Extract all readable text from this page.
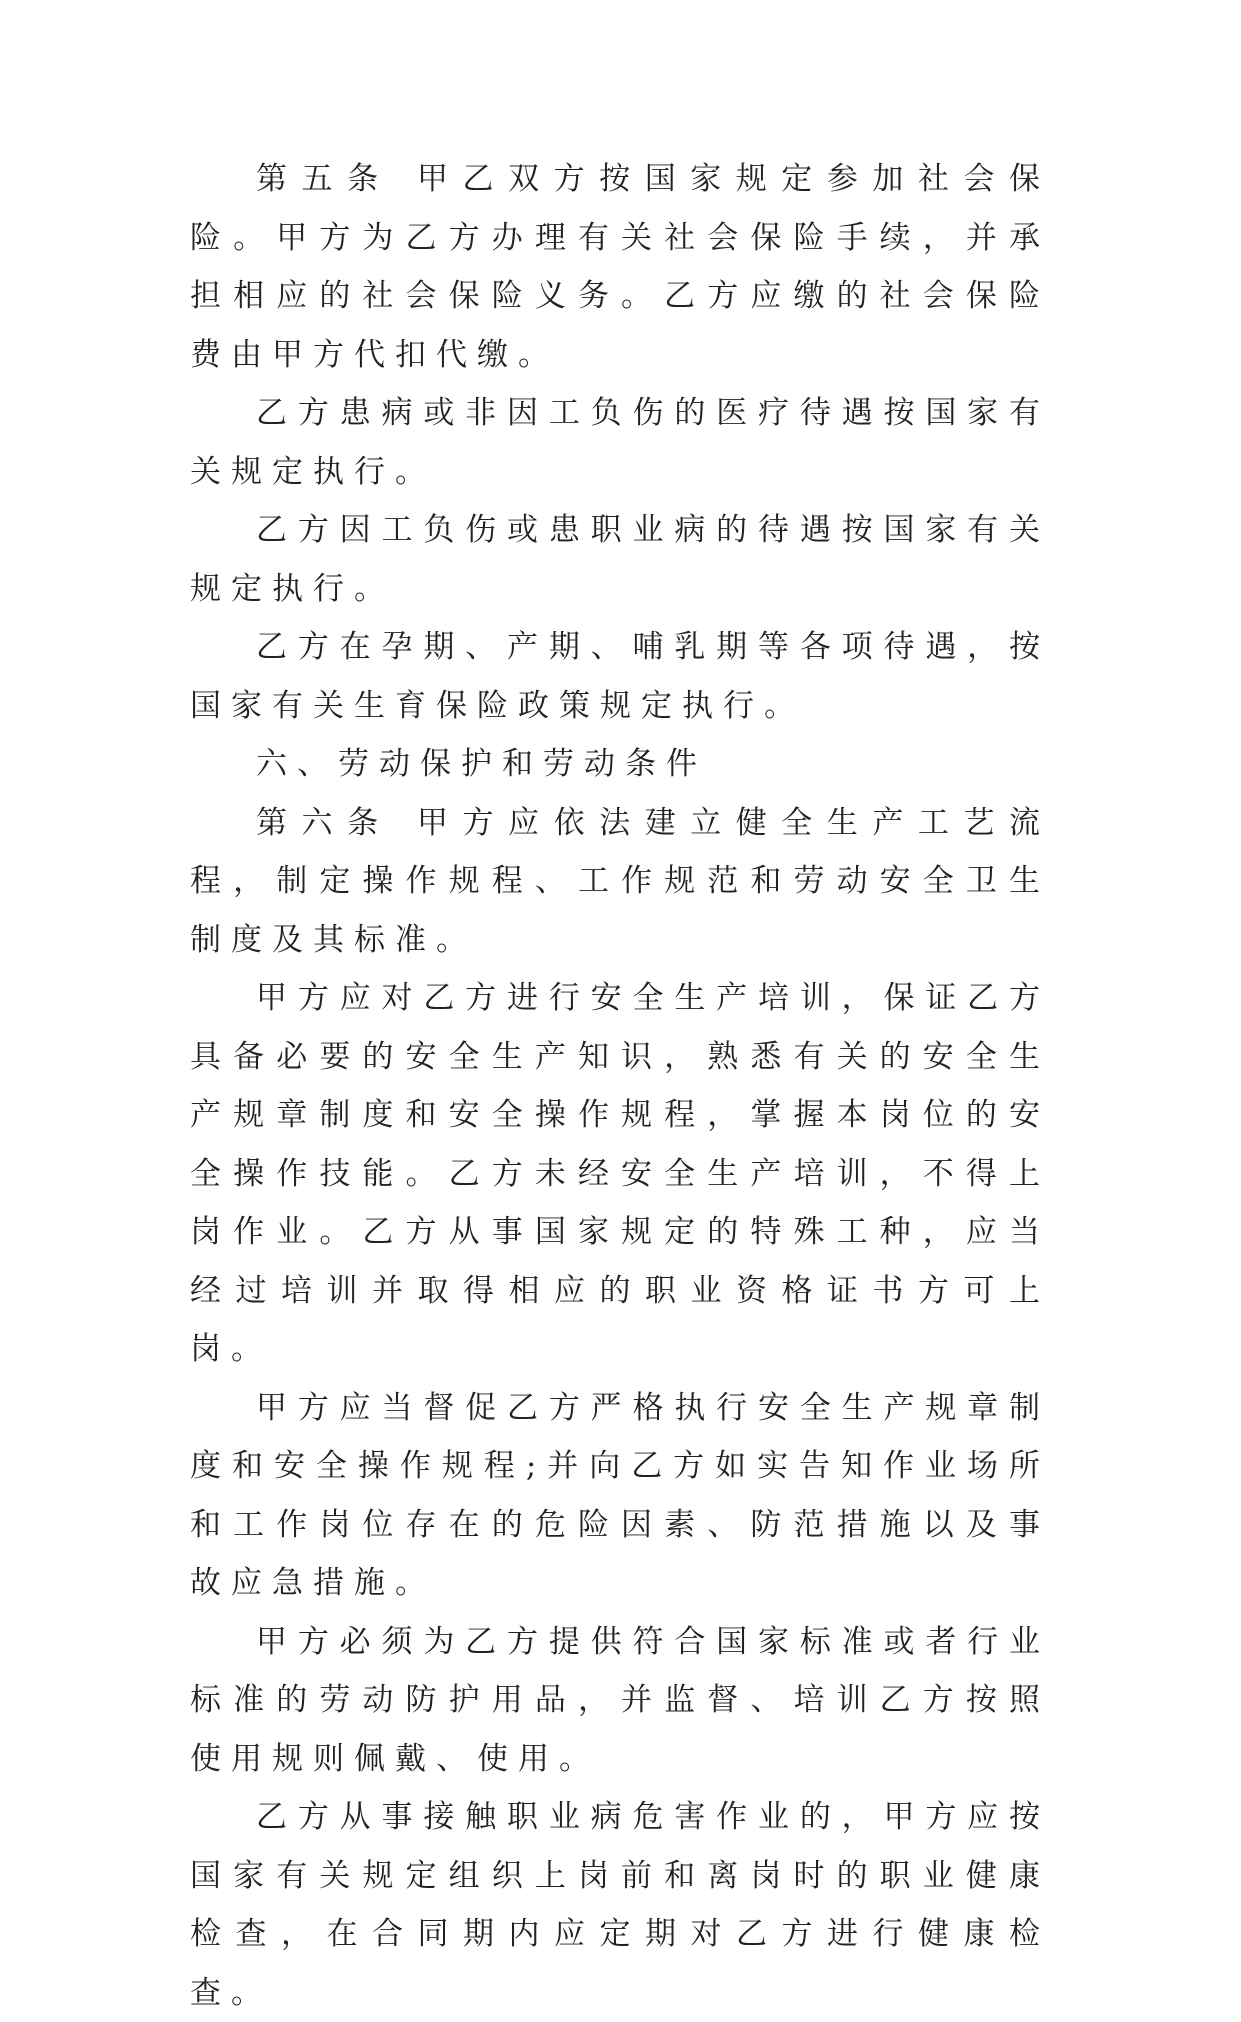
第五条 甲乙双方按国家规定参加社会保险。甲方为乙方办理有关社会保险手续，并承担相应的社会保险义务。乙方应缴的社会保险费由甲方代扣代缴。

乙方患病或非因工负伤的医疗待遇按国家有关规定执行。

乙方因工负伤或患职业病的待遇按国家有关规定执行。

乙方在孕期、产期、哺乳期等各项待遇，按国家有关生育保险政策规定执行。

六、劳动保护和劳动条件

第六条 甲方应依法建立健全生产工艺流程，制定操作规程、工作规范和劳动安全卫生制度及其标准。

甲方应对乙方进行安全生产培训，保证乙方具备必要的安全生产知识，熟悉有关的安全生产规章制度和安全操作规程，掌握本岗位的安全操作技能。乙方未经安全生产培训，不得上岗作业。乙方从事国家规定的特殊工种，应当经过培训并取得相应的职业资格证书方可上岗。

甲方应当督促乙方严格执行安全生产规章制度和安全操作规程;并向乙方如实告知作业场所和工作岗位存在的危险因素、防范措施以及事故应急措施。

甲方必须为乙方提供符合国家标准或者行业标准的劳动防护用品，并监督、培训乙方按照使用规则佩戴、使用。

乙方从事接触职业病危害作业的，甲方应按国家有关规定组织上岗前和离岗时的职业健康检查，在合同期内应定期对乙方进行健康检查。
